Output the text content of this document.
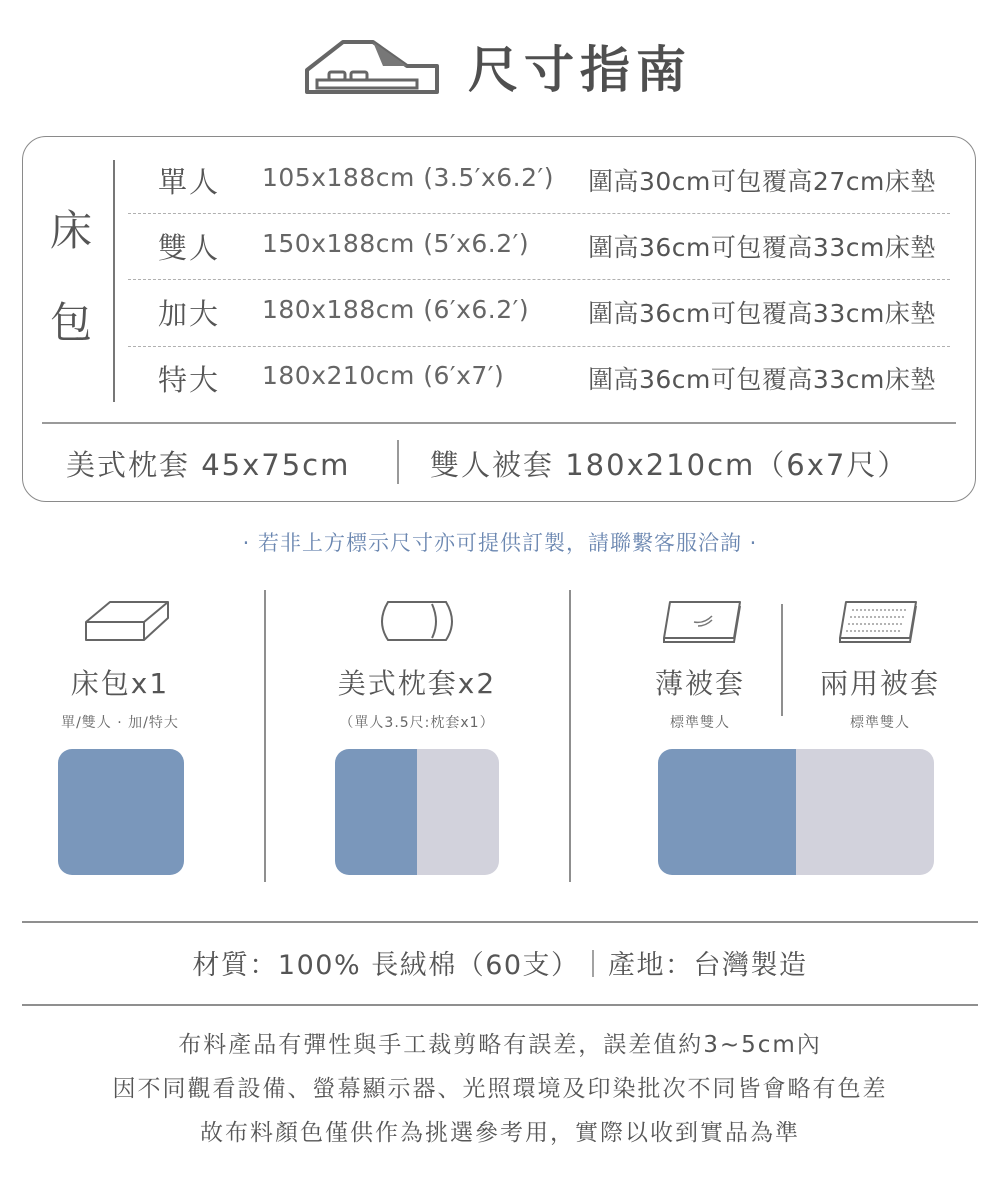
尺寸指南
床
包
單人 105x188cm (3.5′x6.2′) 圍高30cm可包覆高27cm床墊
雙人 150x188cm (5′x6.2′) 圍高36cm可包覆高33cm床墊
加大 180x188cm (6′x6.2′) 圍高36cm可包覆高33cm床墊
特大 180x210cm (6′x7′)	圍高36cm可包覆高33cm床墊
美式枕套 45x75cm	雙人被套 180x210cm（6x7尺）
· 若非上方標示尺寸亦可提供訂製，請聯繫客服洽詢 ·
床包x1
單/雙人 · 加/特大
美式枕套x2
（單人3.5尺:枕套x1）
薄被套
標準雙人
兩用被套
標準雙人
材質：100% 長絨棉（60支）｜產地：台灣製造
布料產品有彈性與手工裁剪略有誤差，誤差值約3~5cm內
因不同觀看設備、螢幕顯示器、光照環境及印染批次不同皆會略有色差
故布料顏色僅供作為挑選參考用，實際以收到實品為準
